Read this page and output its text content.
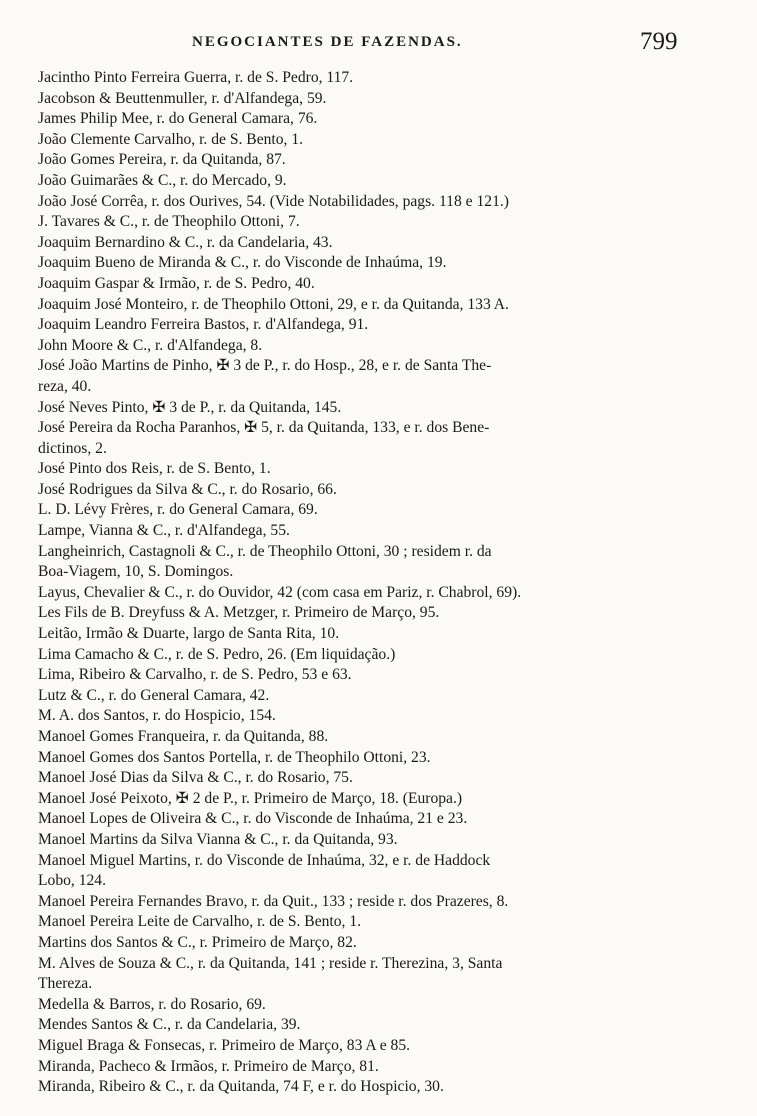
NEGOCIANTES DE FAZENDAS.	799
Jacintho Pinto Ferreira Guerra, r. de S. Pedro, 117.
Jacobson & Beuttenmuller, r. d'Alfandega, 59.
James Philip Mee, r. do General Camara, 76.
João Clemente Carvalho, r. de S. Bento, 1.
João Gomes Pereira, r. da Quitanda, 87.
João Guimarães & C., r. do Mercado, 9.
João José Corrêa, r. dos Ourives, 54. (Vide Notabilidades, pags. 118 e 121.)
J. Tavares & C., r. de Theophilo Ottoni, 7.
Joaquim Bernardino & C., r. da Candelaria, 43.
Joaquim Bueno de Miranda & C., r. do Visconde de Inhaúma, 19.
Joaquim Gaspar & Irmão, r. de S. Pedro, 40.
Joaquim José Monteiro, r. de Theophilo Ottoni, 29, e r. da Quitanda, 133 A.
Joaquim Leandro Ferreira Bastos, r. d'Alfandega, 91.
John Moore & C., r. d'Alfandega, 8.
José João Martins de Pinho, ✠ 3 de P., r. do Hosp., 28, e r. de Santa The-
reza, 40.
José Neves Pinto, ✠ 3 de P., r. da Quitanda, 145.
José Pereira da Rocha Paranhos, ✠ 5, r. da Quitanda, 133, e r. dos Bene-
dictinos, 2.
José Pinto dos Reis, r. de S. Bento, 1.
José Rodrigues da Silva & C., r. do Rosario, 66.
L. D. Lévy Frères, r. do General Camara, 69.
Lampe, Vianna & C., r. d'Alfandega, 55.
Langheinrich, Castagnoli & C., r. de Theophilo Ottoni, 30 ; residem r. da
Boa-Viagem, 10, S. Domingos.
Layus, Chevalier & C., r. do Ouvidor, 42 (com casa em Pariz, r. Chabrol, 69).
Les Fils de B. Dreyfuss & A. Metzger, r. Primeiro de Março, 95.
Leitão, Irmão & Duarte, largo de Santa Rita, 10.
Lima Camacho & C., r. de S. Pedro, 26. (Em liquidação.)
Lima, Ribeiro & Carvalho, r. de S. Pedro, 53 e 63.
Lutz & C., r. do General Camara, 42.
M. A. dos Santos, r. do Hospicio, 154.
Manoel Gomes Franqueira, r. da Quitanda, 88.
Manoel Gomes dos Santos Portella, r. de Theophilo Ottoni, 23.
Manoel José Dias da Silva & C., r. do Rosario, 75.
Manoel José Peixoto, ✠ 2 de P., r. Primeiro de Março, 18. (Europa.)
Manoel Lopes de Oliveira & C., r. do Visconde de Inhaúma, 21 e 23.
Manoel Martins da Silva Vianna & C., r. da Quitanda, 93.
Manoel Miguel Martins, r. do Visconde de Inhaúma, 32, e r. de Haddock
Lobo, 124.
Manoel Pereira Fernandes Bravo, r. da Quit., 133 ; reside r. dos Prazeres, 8.
Manoel Pereira Leite de Carvalho, r. de S. Bento, 1.
Martins dos Santos & C., r. Primeiro de Março, 82.
M. Alves de Souza & C., r. da Quitanda, 141 ; reside r. Therezina, 3, Santa
Thereza.
Medella & Barros, r. do Rosario, 69.
Mendes Santos & C., r. da Candelaria, 39.
Miguel Braga & Fonsecas, r. Primeiro de Março, 83 A e 85.
Miranda, Pacheco & Irmãos, r. Primeiro de Março, 81.
Miranda, Ribeiro & C., r. da Quitanda, 74 F, e r. do Hospicio, 30.
